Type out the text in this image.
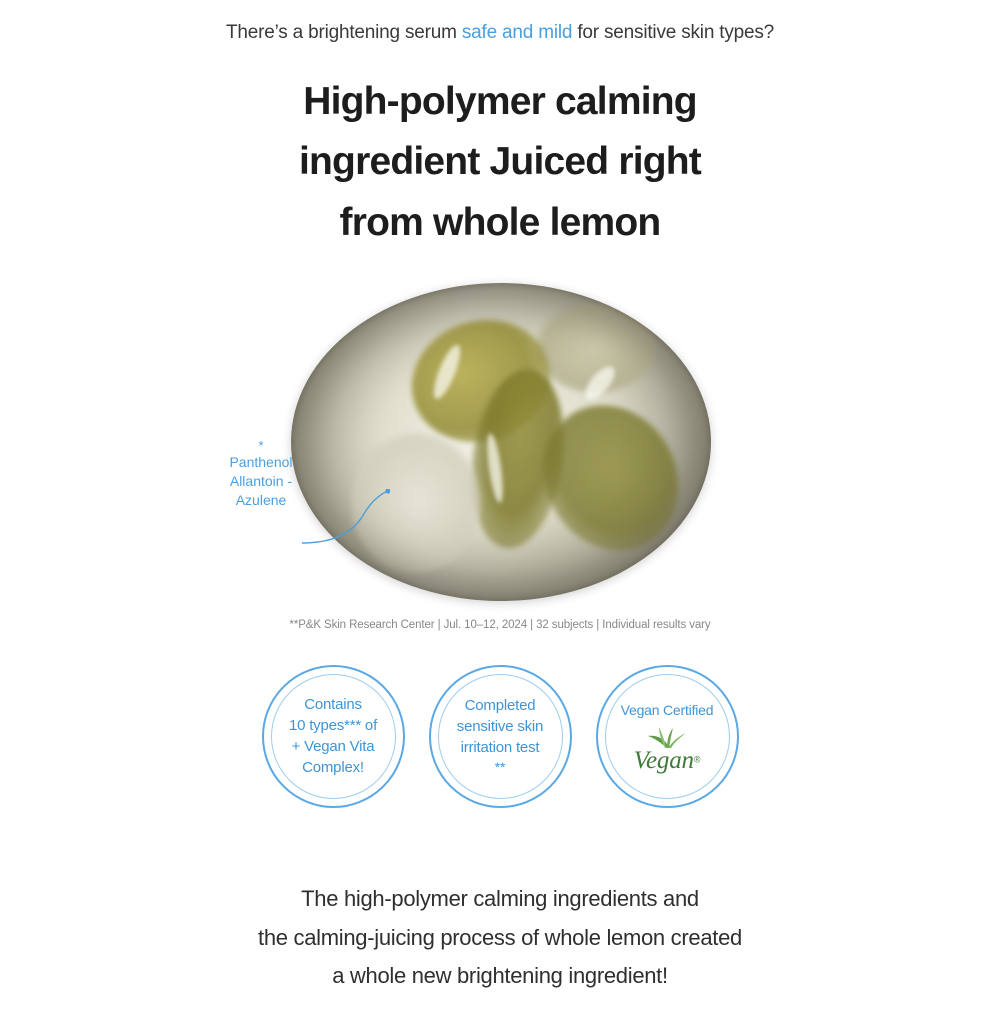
There’s a brightening serum safe and mild for sensitive skin types?
High-polymer calming
ingredient Juiced right
from whole lemon
*
Panthenol
Allantoin -
Azulene
**P&K Skin Research Center | Jul. 10–12, 2024 | 32 subjects | Individual results vary
Contains
10 types*** of
+ Vegan Vita
Complex!
Completed
sensitive skin
irritation test

**
Vegan Certified
Vegan®
The high-polymer calming ingredients and
the calming-juicing process of whole lemon created
a whole new brightening ingredient!
